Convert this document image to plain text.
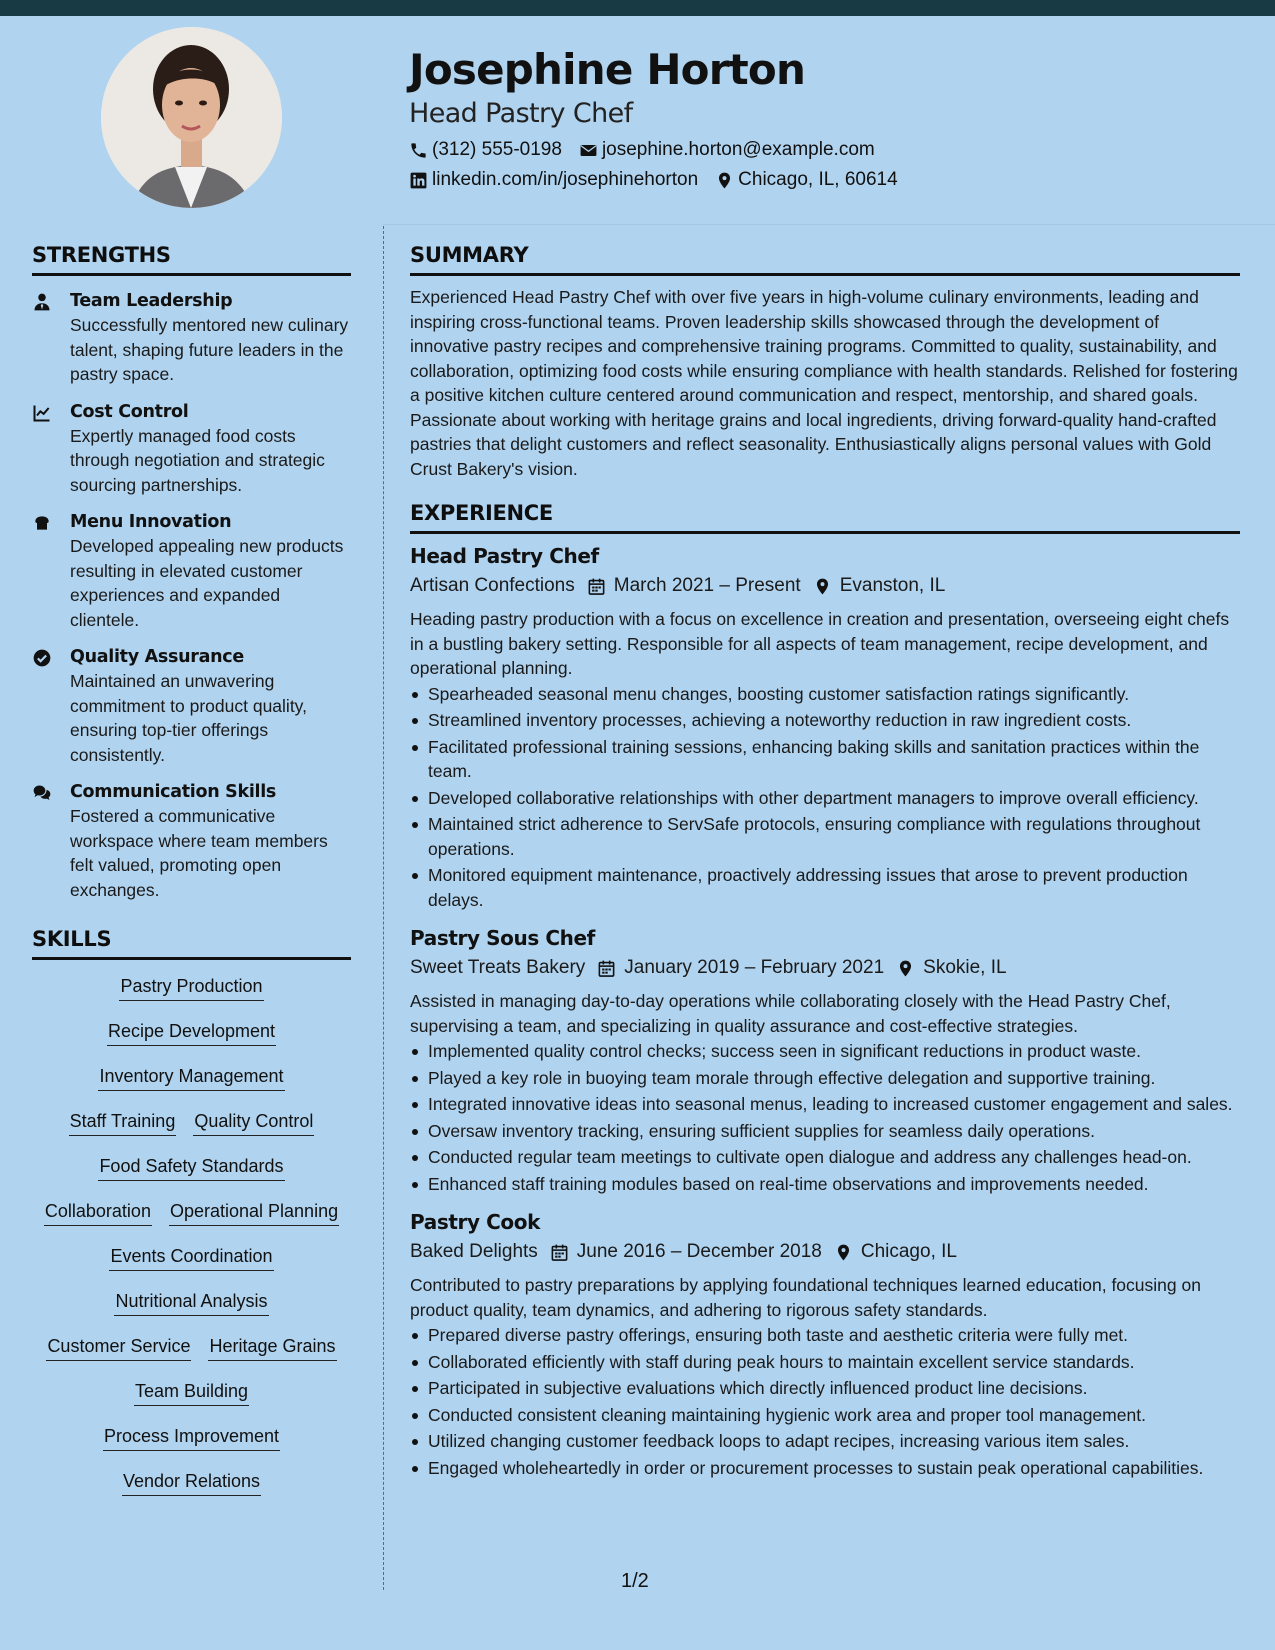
Josephine Horton
Head Pastry Chef
(312) 555-0198 josephine.horton@example.com
linkedin.com/in/josephinehorton Chicago, IL, 60614
STRENGTHS
Team Leadership
Successfully mentored new culinary talent, shaping future leaders in the pastry space.
Cost Control
Expertly managed food costs through negotiation and strategic sourcing partnerships.
Menu Innovation
Developed appealing new products resulting in elevated customer experiences and expanded clientele.
Quality Assurance
Maintained an unwavering commitment to product quality, ensuring top-tier offerings consistently.
Communication Skills
Fostered a communicative workspace where team members felt valued, promoting open exchanges.
SKILLS
Pastry Production
Recipe Development
Inventory Management
Staff Training Quality Control
Food Safety Standards
Collaboration Operational Planning
Events Coordination
Nutritional Analysis
Customer Service Heritage Grains
Team Building
Process Improvement
Vendor Relations
SUMMARY
Experienced Head Pastry Chef with over five years in high-volume culinary environments, leading and inspiring cross-functional teams. Proven leadership skills showcased through the development of innovative pastry recipes and comprehensive training programs. Committed to quality, sustainability, and collaboration, optimizing food costs while ensuring compliance with health standards. Relished for fostering a positive kitchen culture centered around communication and respect, mentorship, and shared goals. Passionate about working with heritage grains and local ingredients, driving forward-quality hand-crafted pastries that delight customers and reflect seasonality. Enthusiastically aligns personal values with Gold Crust Bakery's vision.
EXPERIENCE
Head Pastry Chef
Artisan Confections March 2021 – Present Evanston, IL
Heading pastry production with a focus on excellence in creation and presentation, overseeing eight chefs in a bustling bakery setting. Responsible for all aspects of team management, recipe development, and operational planning.
Spearheaded seasonal menu changes, boosting customer satisfaction ratings significantly.
Streamlined inventory processes, achieving a noteworthy reduction in raw ingredient costs.
Facilitated professional training sessions, enhancing baking skills and sanitation practices within the team.
Developed collaborative relationships with other department managers to improve overall efficiency.
Maintained strict adherence to ServSafe protocols, ensuring compliance with regulations throughout operations.
Monitored equipment maintenance, proactively addressing issues that arose to prevent production delays.
Pastry Sous Chef
Sweet Treats Bakery January 2019 – February 2021 Skokie, IL
Assisted in managing day-to-day operations while collaborating closely with the Head Pastry Chef, supervising a team, and specializing in quality assurance and cost-effective strategies.
Implemented quality control checks; success seen in significant reductions in product waste.
Played a key role in buoying team morale through effective delegation and supportive training.
Integrated innovative ideas into seasonal menus, leading to increased customer engagement and sales.
Oversaw inventory tracking, ensuring sufficient supplies for seamless daily operations.
Conducted regular team meetings to cultivate open dialogue and address any challenges head-on.
Enhanced staff training modules based on real-time observations and improvements needed.
Pastry Cook
Baked Delights June 2016 – December 2018 Chicago, IL
Contributed to pastry preparations by applying foundational techniques learned education, focusing on product quality, team dynamics, and adhering to rigorous safety standards.
Prepared diverse pastry offerings, ensuring both taste and aesthetic criteria were fully met.
Collaborated efficiently with staff during peak hours to maintain excellent service standards.
Participated in subjective evaluations which directly influenced product line decisions.
Conducted consistent cleaning maintaining hygienic work area and proper tool management.
Utilized changing customer feedback loops to adapt recipes, increasing various item sales.
Engaged wholeheartedly in order or procurement processes to sustain peak operational capabilities.
1/2
